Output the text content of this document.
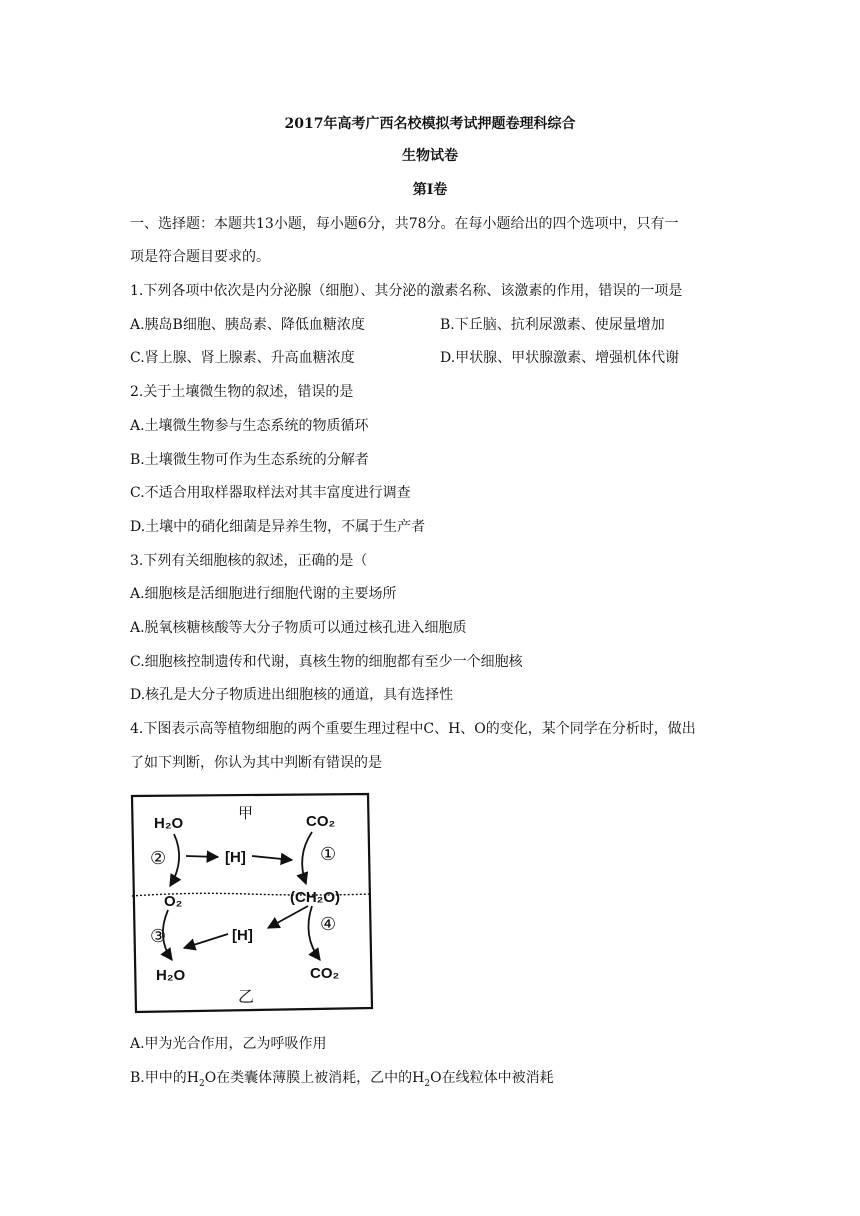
2017年高考广西名校模拟考试押题卷理科综合
生物试卷
第Ⅰ卷
一、选择题：本题共13小题，每小题6分，共78分。在每小题给出的四个选项中，只有一
项是符合题目要求的。
1.下列各项中依次是内分泌腺（细胞）、其分泌的激素名称、该激素的作用，错误的一项是
A.胰岛B细胞、胰岛素、降低血糖浓度	B.下丘脑、抗利尿激素、使尿量增加
C.肾上腺、肾上腺素、升高血糖浓度	D.甲状腺、甲状腺激素、增强机体代谢
2.关于土壤微生物的叙述，错误的是
A.土壤微生物参与生态系统的物质循环
B.土壤微生物可作为生态系统的分解者
C.不适合用取样器取样法对其丰富度进行调查
D.土壤中的硝化细菌是异养生物，不属于生产者
3.下列有关细胞核的叙述，正确的是（
A.细胞核是活细胞进行细胞代谢的主要场所
A.脱氧核糖核酸等大分子物质可以通过核孔进入细胞质
C.细胞核控制遗传和代谢，真核生物的细胞都有至少一个细胞核
D.核孔是大分子物质进出细胞核的通道，具有选择性
4.下图表示高等植物细胞的两个重要生理过程中C、H、O的变化，某个同学在分析时，做出
了如下判断，你认为其中判断有错误的是
甲
乙
H₂O	CO₂
[H]
O₂	(CH₂O)
[H]
H₂O	CO₂
②	①
③
④
A.甲为光合作用，乙为呼吸作用
B.甲中的$H_2O$在类囊体薄膜上被消耗，乙中的$H_2O$在线粒体中被消耗
